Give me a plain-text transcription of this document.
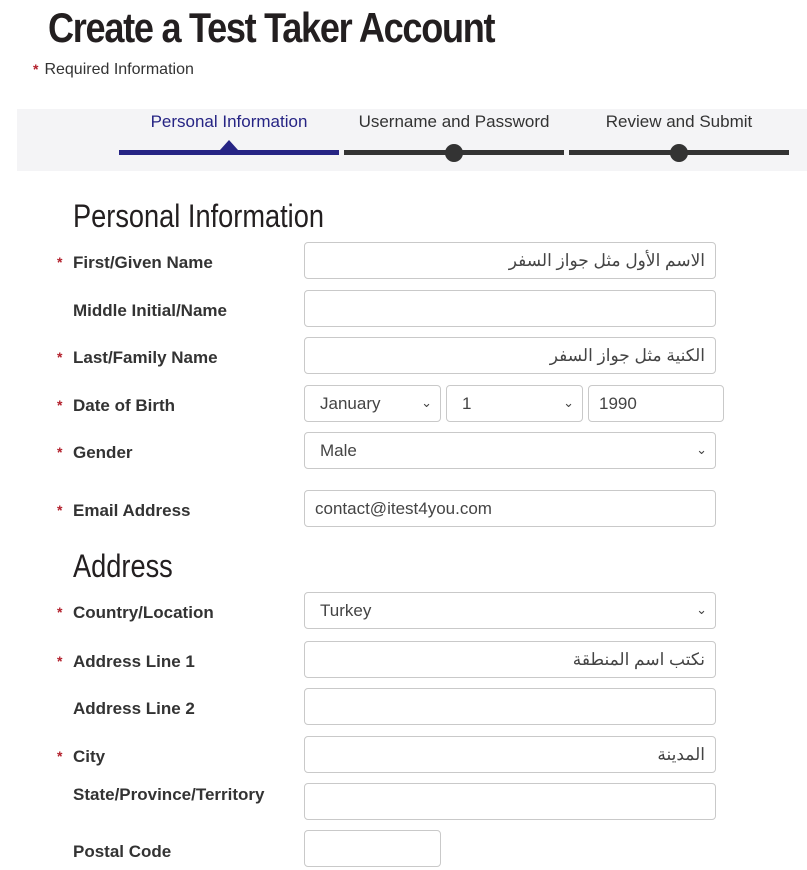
Create a Test Taker Account
* Required Information
Personal Information	Username and Password	Review and Submit
Personal Information
* First/Given Name	الاسم الأول مثل جواز السفر
Middle Initial/Name
* Last/Family Name	الكنية مثل جواز السفر
* Date of Birth	January	⌄ 1	⌄	1990
* Gender	Male	⌄
* Email Address	contact@itest4you.com
Address
* Country/Location	Turkey	⌄
* Address Line 1	نكتب اسم المنطقة
Address Line 2
* City	المدينة
State/Province/Territory
Postal Code
